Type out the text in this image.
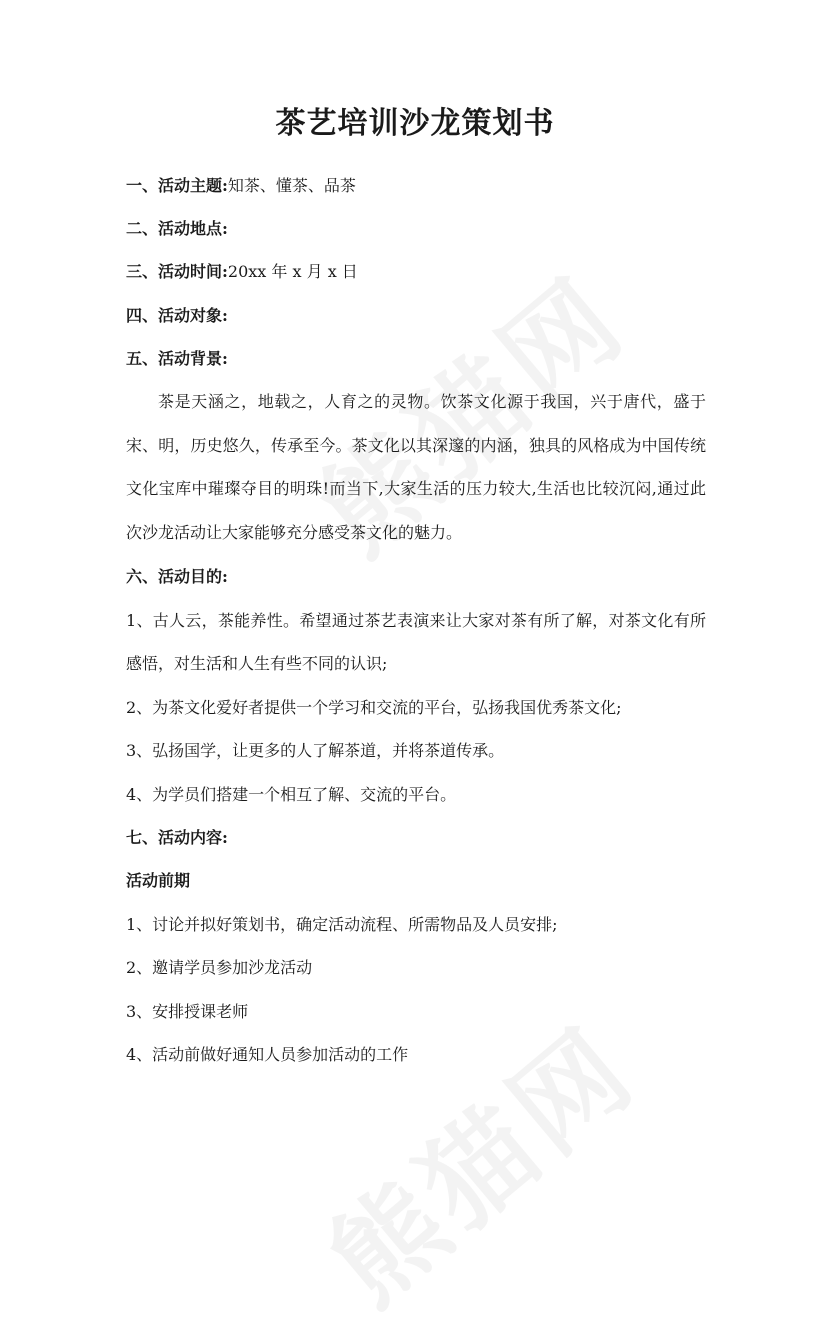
茶艺培训沙龙策划书

一、活动主题:知茶、懂茶、品茶

二、活动地点:

三、活动时间:20xx 年 x 月 x 日

四、活动对象:

五、活动背景:

茶是天涵之，地载之，人育之的灵物。饮茶文化源于我国，兴于唐代，盛于宋、明，历史悠久，传承至今。茶文化以其深邃的内涵，独具的风格成为中国传统文化宝库中璀璨夺目的明珠!而当下,大家生活的压力较大,生活也比较沉闷,通过此次沙龙活动让大家能够充分感受茶文化的魅力。

六、活动目的:

1、古人云，茶能养性。希望通过茶艺表演来让大家对茶有所了解，对茶文化有所感悟，对生活和人生有些不同的认识;

2、为茶文化爱好者提供一个学习和交流的平台，弘扬我国优秀茶文化;

3、弘扬国学，让更多的人了解茶道，并将茶道传承。

4、为学员们搭建一个相互了解、交流的平台。

七、活动内容:

活动前期

1、讨论并拟好策划书，确定活动流程、所需物品及人员安排;

2、邀请学员参加沙龙活动

3、安排授课老师

4、活动前做好通知人员参加活动的工作
